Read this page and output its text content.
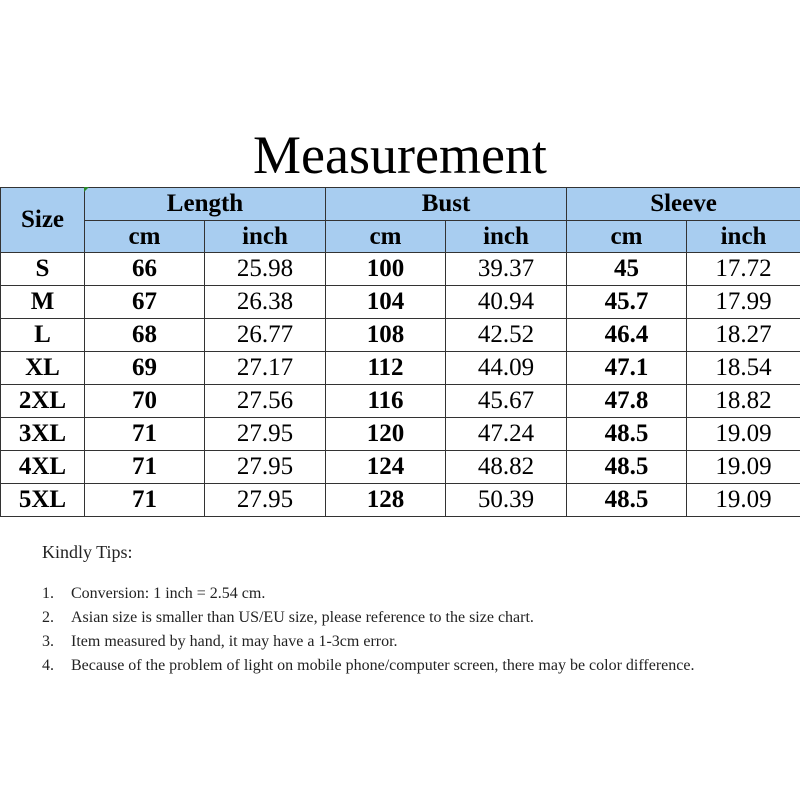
Measurement
Size	Length		Bust		Sleeve	
	cm	inch	cm	inch	cm	inch
S	66	25.98	100	39.37	45	17.72
M	67	26.38	104	40.94	45.7	17.99
L	68	26.77	108	42.52	46.4	18.27
XL	69	27.17	112	44.09	47.1	18.54
2XL	70	27.56	116	45.67	47.8	18.82
3XL	71	27.95	120	47.24	48.5	19.09
4XL	71	27.95	124	48.82	48.5	19.09
5XL	71	27.95	128	50.39	48.5	19.09
Kindly Tips:
1. Conversion: 1 inch = 2.54 cm.
2. Asian size is smaller than US/EU size, please reference to the size chart.
3. Item measured by hand, it may have a 1-3cm error.
4. Because of the problem of light on mobile phone/computer screen, there may be color difference.
